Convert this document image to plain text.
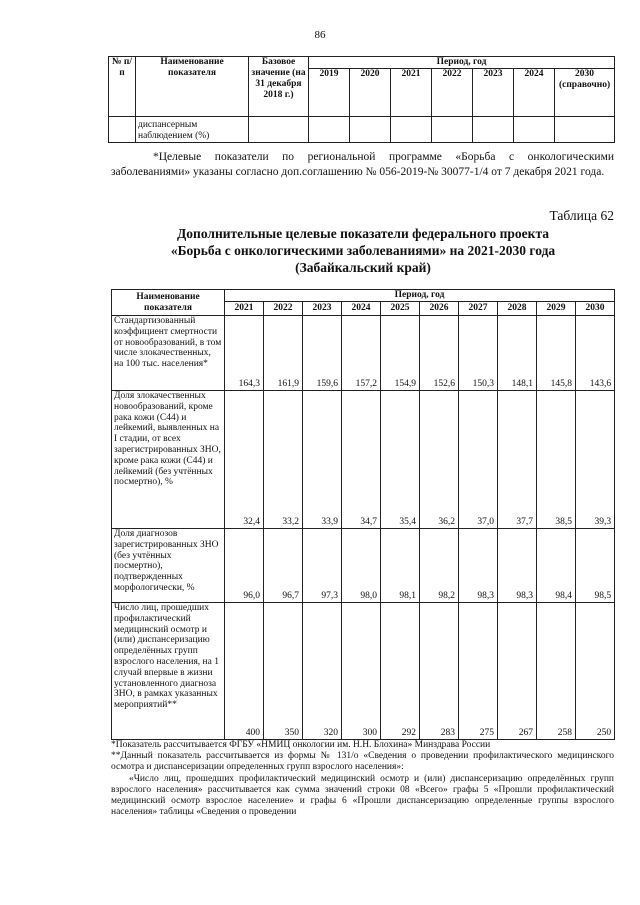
86
№ п/п	Наименование показателя	Базовое значение (на 31 декабря 2018 г.)	Период, год						
			2019	2020	2021	2022	2023	2024	2030 (справочно)
	диспансерным наблюдением (%)								

*Целевые показатели по региональной программе «Борьба с онкологическими заболеваниями» указаны согласно доп.соглашению № 056-2019-№ 30077-1/4 от 7 декабря 2021 года.

Таблица 62
Дополнительные целевые показатели федерального проекта
«Борьба с онкологическими заболеваниями» на 2021-2030 года
(Забайкальский край)
Наименование показателя	Период, год									
	2021	2022	2023	2024	2025	2026	2027	2028	2029	2030
Стандартизованный коэффициент смертности от новообразований, в том числе злокачественных, на 100 тыс. населения*	164,3	161,9	159,6	157,2	154,9	152,6	150,3	148,1	145,8	143,6
Доля злокачественных новообразований, кроме рака кожи (С44) и лейкемий, выявленных на I стадии, от всех зарегистрированных ЗНО, кроме рака кожи (С44) и лейкемий (без учтённых посмертно), %	32,4	33,2	33,9	34,7	35,4	36,2	37,0	37,7	38,5	39,3
Доля диагнозов зарегистрированных ЗНО (без учтённых посмертно), подтвержденных морфологически, %	96,0	96,7	97,3	98,0	98,1	98,2	98,3	98,3	98,4	98,5
Число лиц, прошедших профилактический медицинский осмотр и (или) диспансеризацию определённых групп взрослого населения, на 1 случай впервые в жизни установленного диагноза ЗНО, в рамках указанных мероприятий**	400	350	320	300	292	283	275	267	258	250

*Показатель рассчитывается ФГБУ «НМИЦ онкологии им. Н.Н. Блохина» Минздрава России

**Данный показатель рассчитывается из формы № 131/о «Сведения о проведении профилактического медицинского осмотра и диспансеризации определенных групп взрослого населения»:

«Число лиц, прошедших профилактический медицинский осмотр и (или) диспансеризацию определённых групп взрослого населения» рассчитывается как сумма значений строки 08 «Всего» графы 5 «Прошли профилактический медицинский осмотр взрослое население» и графы 6 «Прошли диспансеризацию определенные группы взрослого населения» таблицы «Сведения о проведении
